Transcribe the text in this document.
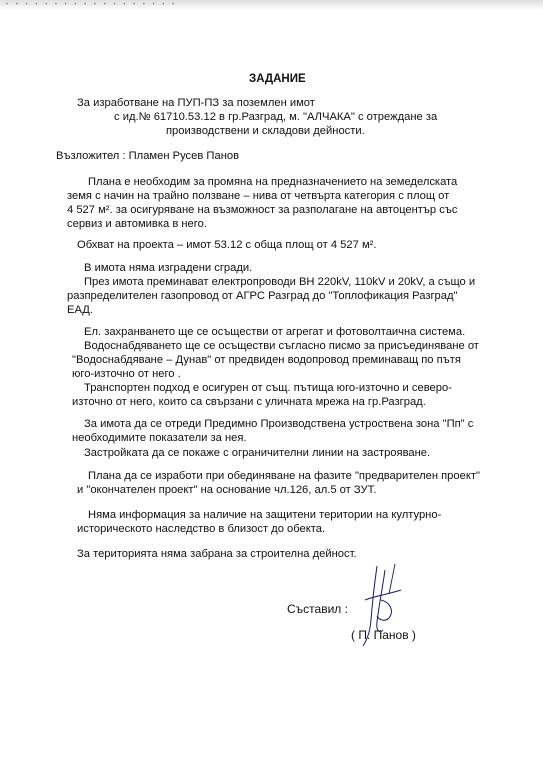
• • • • • • • • • • • • • • • • • •
ЗАДАНИЕ
За изработване на ПУП-ПЗ за поземлен имот
с ид.№ 61710.53.12 в гр.Разград, м. "АЛЧАКА" с отреждане за
производствени и складови дейности.
Възложител : Пламен Русев Панов
Плана е необходим за промяна на предназначението на земеделската
земя с начин на трайно ползване – нива от четвърта категория с площ от
4 527 м². за осигуряване на възможност за разполагане на автоцентър със
сервиз и автомивка в него.
Обхват на проекта – имот 53.12 с обща площ от 4 527 м².
В имота няма изградени сгради.
През имота преминават електропроводи ВН 220kV, 110kV и 20kV, а също и
разпределителен газопровод от АГРС Разград до "Топлофикация Разград"
ЕАД.
Ел. захранването ще се осъществи от агрегат и фотоволтаична система.
Водоснабдяването ще се осъществи съгласно писмо за присъединяване от
"Водоснабдяване – Дунав" от предвиден водопровод преминаващ по пътя
юго-източно от него .
Транспортен подход е осигурен от същ. пътища юго-източно и северо-
източно от него, които са свързани с уличната мрежа на гр.Разград.
За имота да се отреди Предимно Производствена устроствена зона "Пп" с
необходимите показатели за нея.
Застройката да се покаже с ограничителни линии на застрояване.
Плана да се изработи при обединяване на фазите "предварителен проект"
и "окончателен проект" на основание чл.126, ал.5 от ЗУТ.
Няма информация за наличие на защитени територии на културно-
историческото наследство в близост до обекта.
За територията няма забрана за строителна дейност.
Съставил :
( П. Панов )
